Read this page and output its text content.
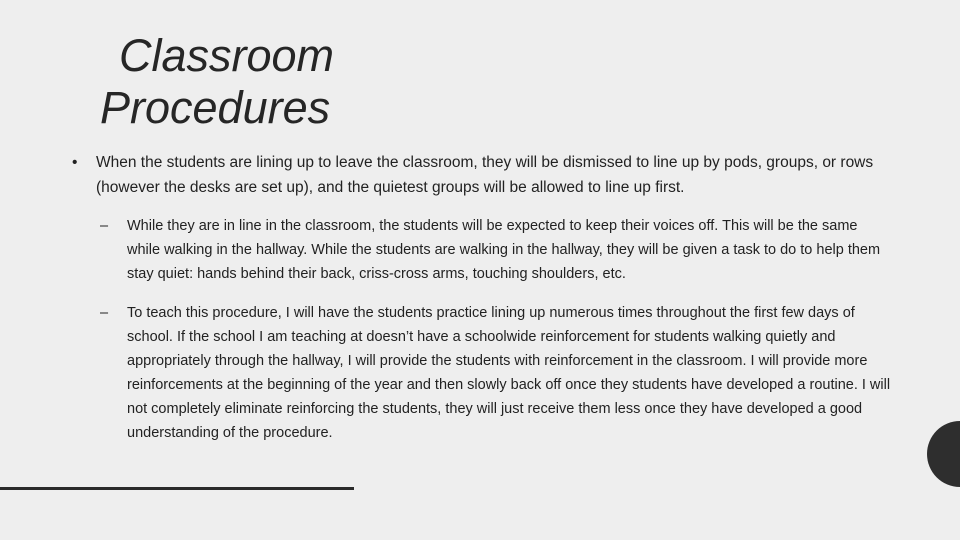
Classroom
Procedures

• When the students are lining up to leave the classroom, they will be dismissed to line up by pods, groups, or rows (however the desks are set up), and the quietest groups will be allowed to line up first.

– While they are in line in the classroom, the students will be expected to keep their voices off. This will be the same while walking in the hallway. While the students are walking in the hallway, they will be given a task to do to help them stay quiet: hands behind their back, criss-cross arms, touching shoulders, etc.

– To teach this procedure, I will have the students practice lining up numerous times throughout the first few days of school. If the school I am teaching at doesn’t have a schoolwide reinforcement for students walking quietly and appropriately through the hallway, I will provide the students with reinforcement in the classroom. I will provide more reinforcements at the beginning of the year and then slowly back off once they students have developed a routine. I will not completely eliminate reinforcing the students, they will just receive them less once they have developed a good understanding of the procedure.
